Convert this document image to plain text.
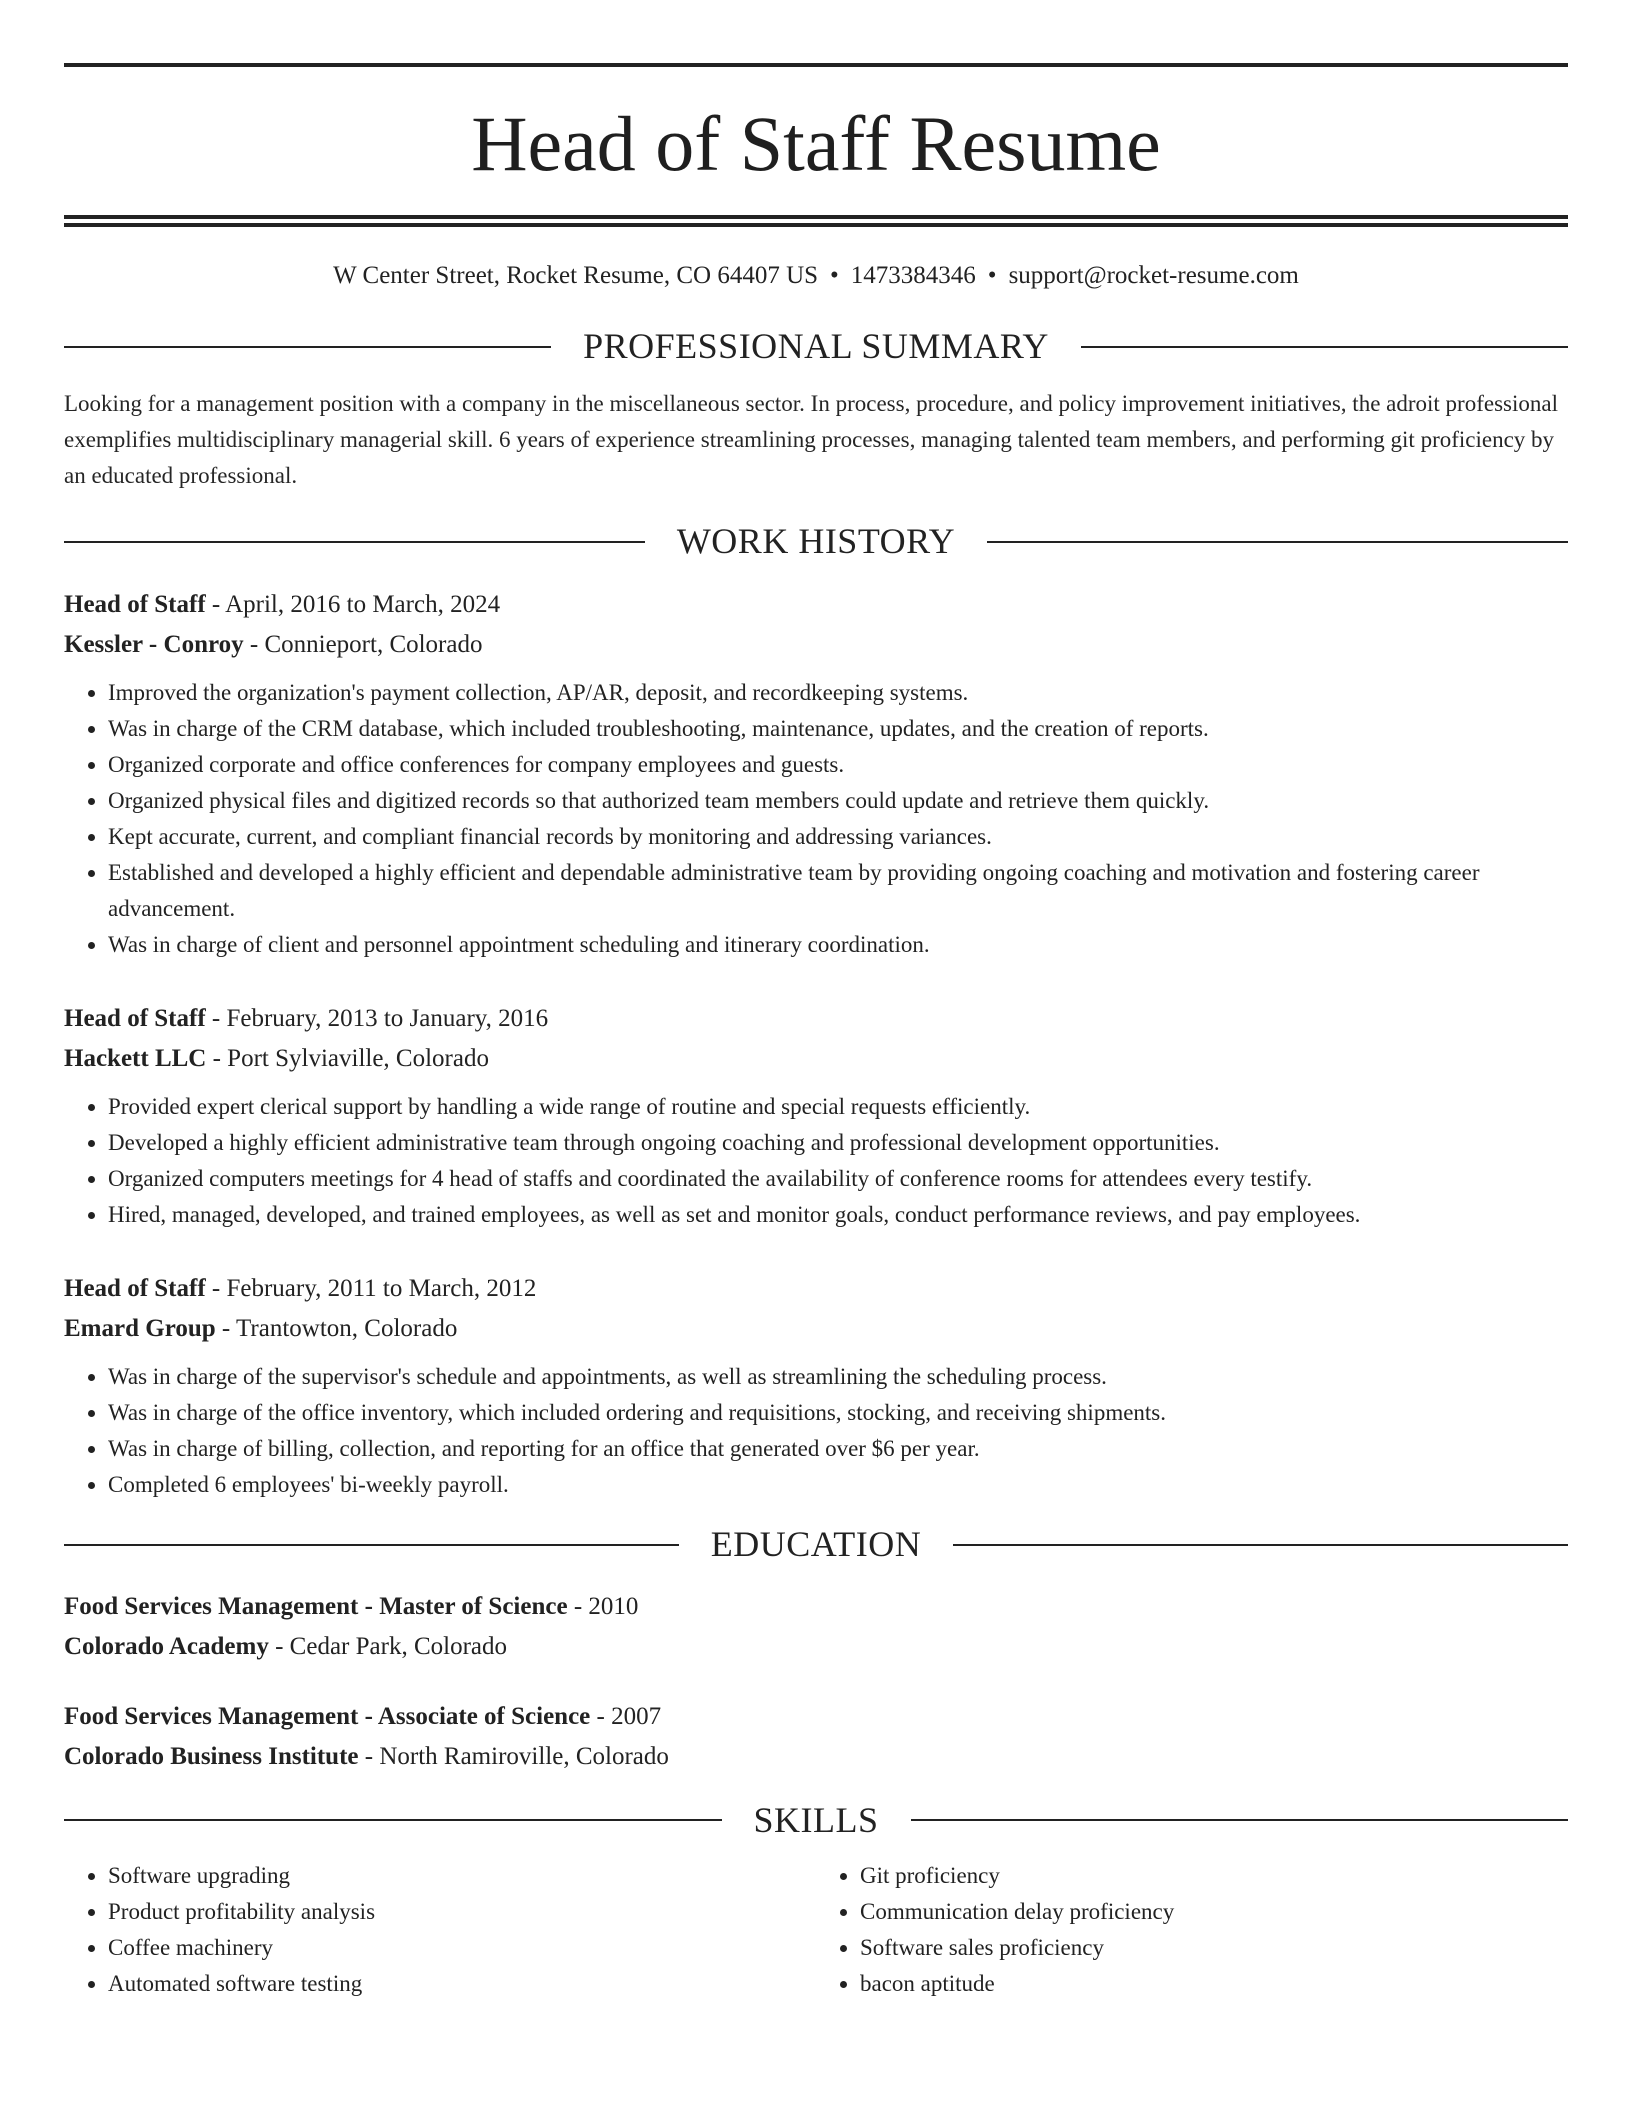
Head of Staff Resume
W Center Street, Rocket Resume, CO 64407 US • 1473384346 • support@rocket-resume.com
PROFESSIONAL SUMMARY

Looking for a management position with a company in the miscellaneous sector. In process, procedure, and policy improvement initiatives, the adroit professional exemplifies multidisciplinary managerial skill. 6 years of experience streamlining processes, managing talented team members, and performing git proficiency by an educated professional.

WORK HISTORY
Head of Staff - April, 2016 to March, 2024
Kessler - Conroy - Connieport, Colorado
• Improved the organization's payment collection, AP/AR, deposit, and recordkeeping systems.
• Was in charge of the CRM database, which included troubleshooting, maintenance, updates, and the creation of reports.
• Organized corporate and office conferences for company employees and guests.
• Organized physical files and digitized records so that authorized team members could update and retrieve them quickly.
• Kept accurate, current, and compliant financial records by monitoring and addressing variances.
• Established and developed a highly efficient and dependable administrative team by providing ongoing coaching and motivation and fostering career advancement.
• Was in charge of client and personnel appointment scheduling and itinerary coordination.
Head of Staff - February, 2013 to January, 2016
Hackett LLC - Port Sylviaville, Colorado
• Provided expert clerical support by handling a wide range of routine and special requests efficiently.
• Developed a highly efficient administrative team through ongoing coaching and professional development opportunities.
• Organized computers meetings for 4 head of staffs and coordinated the availability of conference rooms for attendees every testify.
• Hired, managed, developed, and trained employees, as well as set and monitor goals, conduct performance reviews, and pay employees.
Head of Staff - February, 2011 to March, 2012
Emard Group - Trantowton, Colorado
• Was in charge of the supervisor's schedule and appointments, as well as streamlining the scheduling process.
• Was in charge of the office inventory, which included ordering and requisitions, stocking, and receiving shipments.
• Was in charge of billing, collection, and reporting for an office that generated over $6 per year.
• Completed 6 employees' bi-weekly payroll.
EDUCATION
Food Services Management - Master of Science - 2010
Colorado Academy - Cedar Park, Colorado
Food Services Management - Associate of Science - 2007
Colorado Business Institute - North Ramiroville, Colorado
SKILLS
• Software upgrading
• Product profitability analysis
• Coffee machinery
• Automated software testing
• Git proficiency
• Communication delay proficiency
• Software sales proficiency
• bacon aptitude
